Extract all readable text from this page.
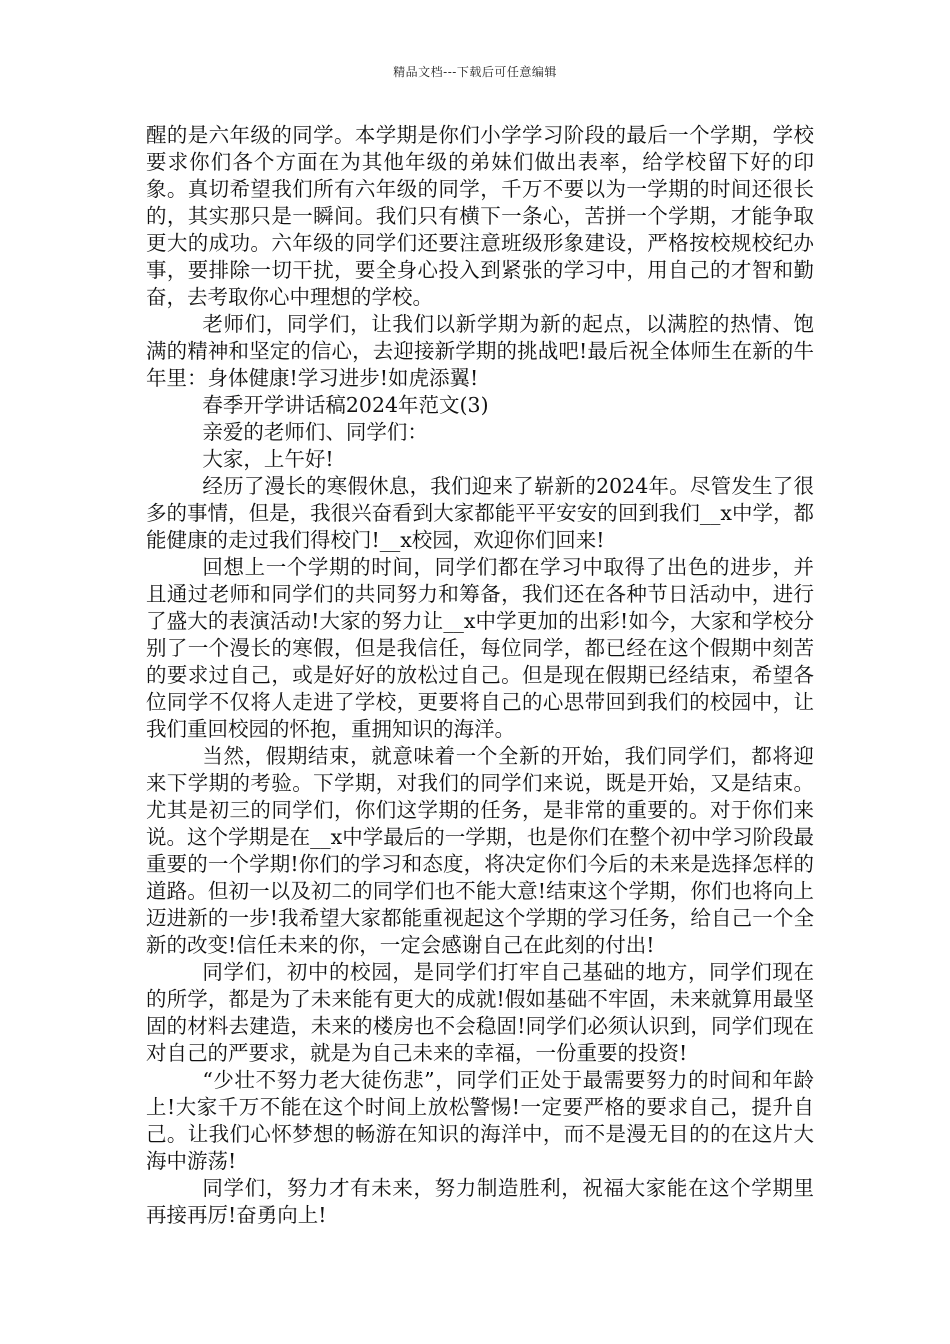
精品文档---下载后可任意编辑

醒的是六年级的同学。本学期是你们小学学习阶段的最后一个学期，学校要求你们各个方面在为其他年级的弟妹们做出表率，给学校留下好的印象。真切希望我们所有六年级的同学，千万不要以为一学期的时间还很长的，其实那只是一瞬间。我们只有横下一条心，苦拼一个学期，才能争取更大的成功。六年级的同学们还要注意班级形象建设，严格按校规校纪办事，要排除一切干扰，要全身心投入到紧张的学习中，用自己的才智和勤奋，去考取你心中理想的学校。

老师们，同学们，让我们以新学期为新的起点，以满腔的热情、饱满的精神和坚定的信心，去迎接新学期的挑战吧!最后祝全体师生在新的牛年里：身体健康!学习进步!如虎添翼!

春季开学讲话稿2024年范文(3)

亲爱的老师们、同学们：

大家，上午好!

经历了漫长的寒假休息，我们迎来了崭新的2024年。尽管发生了很多的事情，但是，我很兴奋看到大家都能平平安安的回到我们__x中学，都能健康的走过我们得校门!__x校园，欢迎你们回来!

回想上一个学期的时间，同学们都在学习中取得了出色的进步，并且通过老师和同学们的共同努力和筹备，我们还在各种节日活动中，进行了盛大的表演活动!大家的努力让__x中学更加的出彩!如今，大家和学校分别了一个漫长的寒假，但是我信任，每位同学，都已经在这个假期中刻苦的要求过自己，或是好好的放松过自己。但是现在假期已经结束，希望各位同学不仅将人走进了学校，更要将自己的心思带回到我们的校园中，让我们重回校园的怀抱，重拥知识的海洋。

当然，假期结束，就意味着一个全新的开始，我们同学们，都将迎来下学期的考验。下学期，对我们的同学们来说，既是开始，又是结束。尤其是初三的同学们，你们这学期的任务，是非常的重要的。对于你们来说。这个学期是在__x中学最后的一学期，也是你们在整个初中学习阶段最重要的一个学期!你们的学习和态度，将决定你们今后的未来是选择怎样的道路。但初一以及初二的同学们也不能大意!结束这个学期，你们也将向上迈进新的一步!我希望大家都能重视起这个学期的学习任务，给自己一个全新的改变!信任未来的你，一定会感谢自己在此刻的付出!

同学们，初中的校园，是同学们打牢自己基础的地方，同学们现在的所学，都是为了未来能有更大的成就!假如基础不牢固，未来就算用最坚固的材料去建造，未来的楼房也不会稳固!同学们必须认识到，同学们现在对自己的严要求，就是为自己未来的幸福，一份重要的投资!

“少壮不努力老大徒伤悲”，同学们正处于最需要努力的时间和年龄上!大家千万不能在这个时间上放松警惕!一定要严格的要求自己，提升自己。让我们心怀梦想的畅游在知识的海洋中，而不是漫无目的的在这片大海中游荡!

同学们，努力才有未来，努力制造胜利，祝福大家能在这个学期里再接再厉!奋勇向上!
